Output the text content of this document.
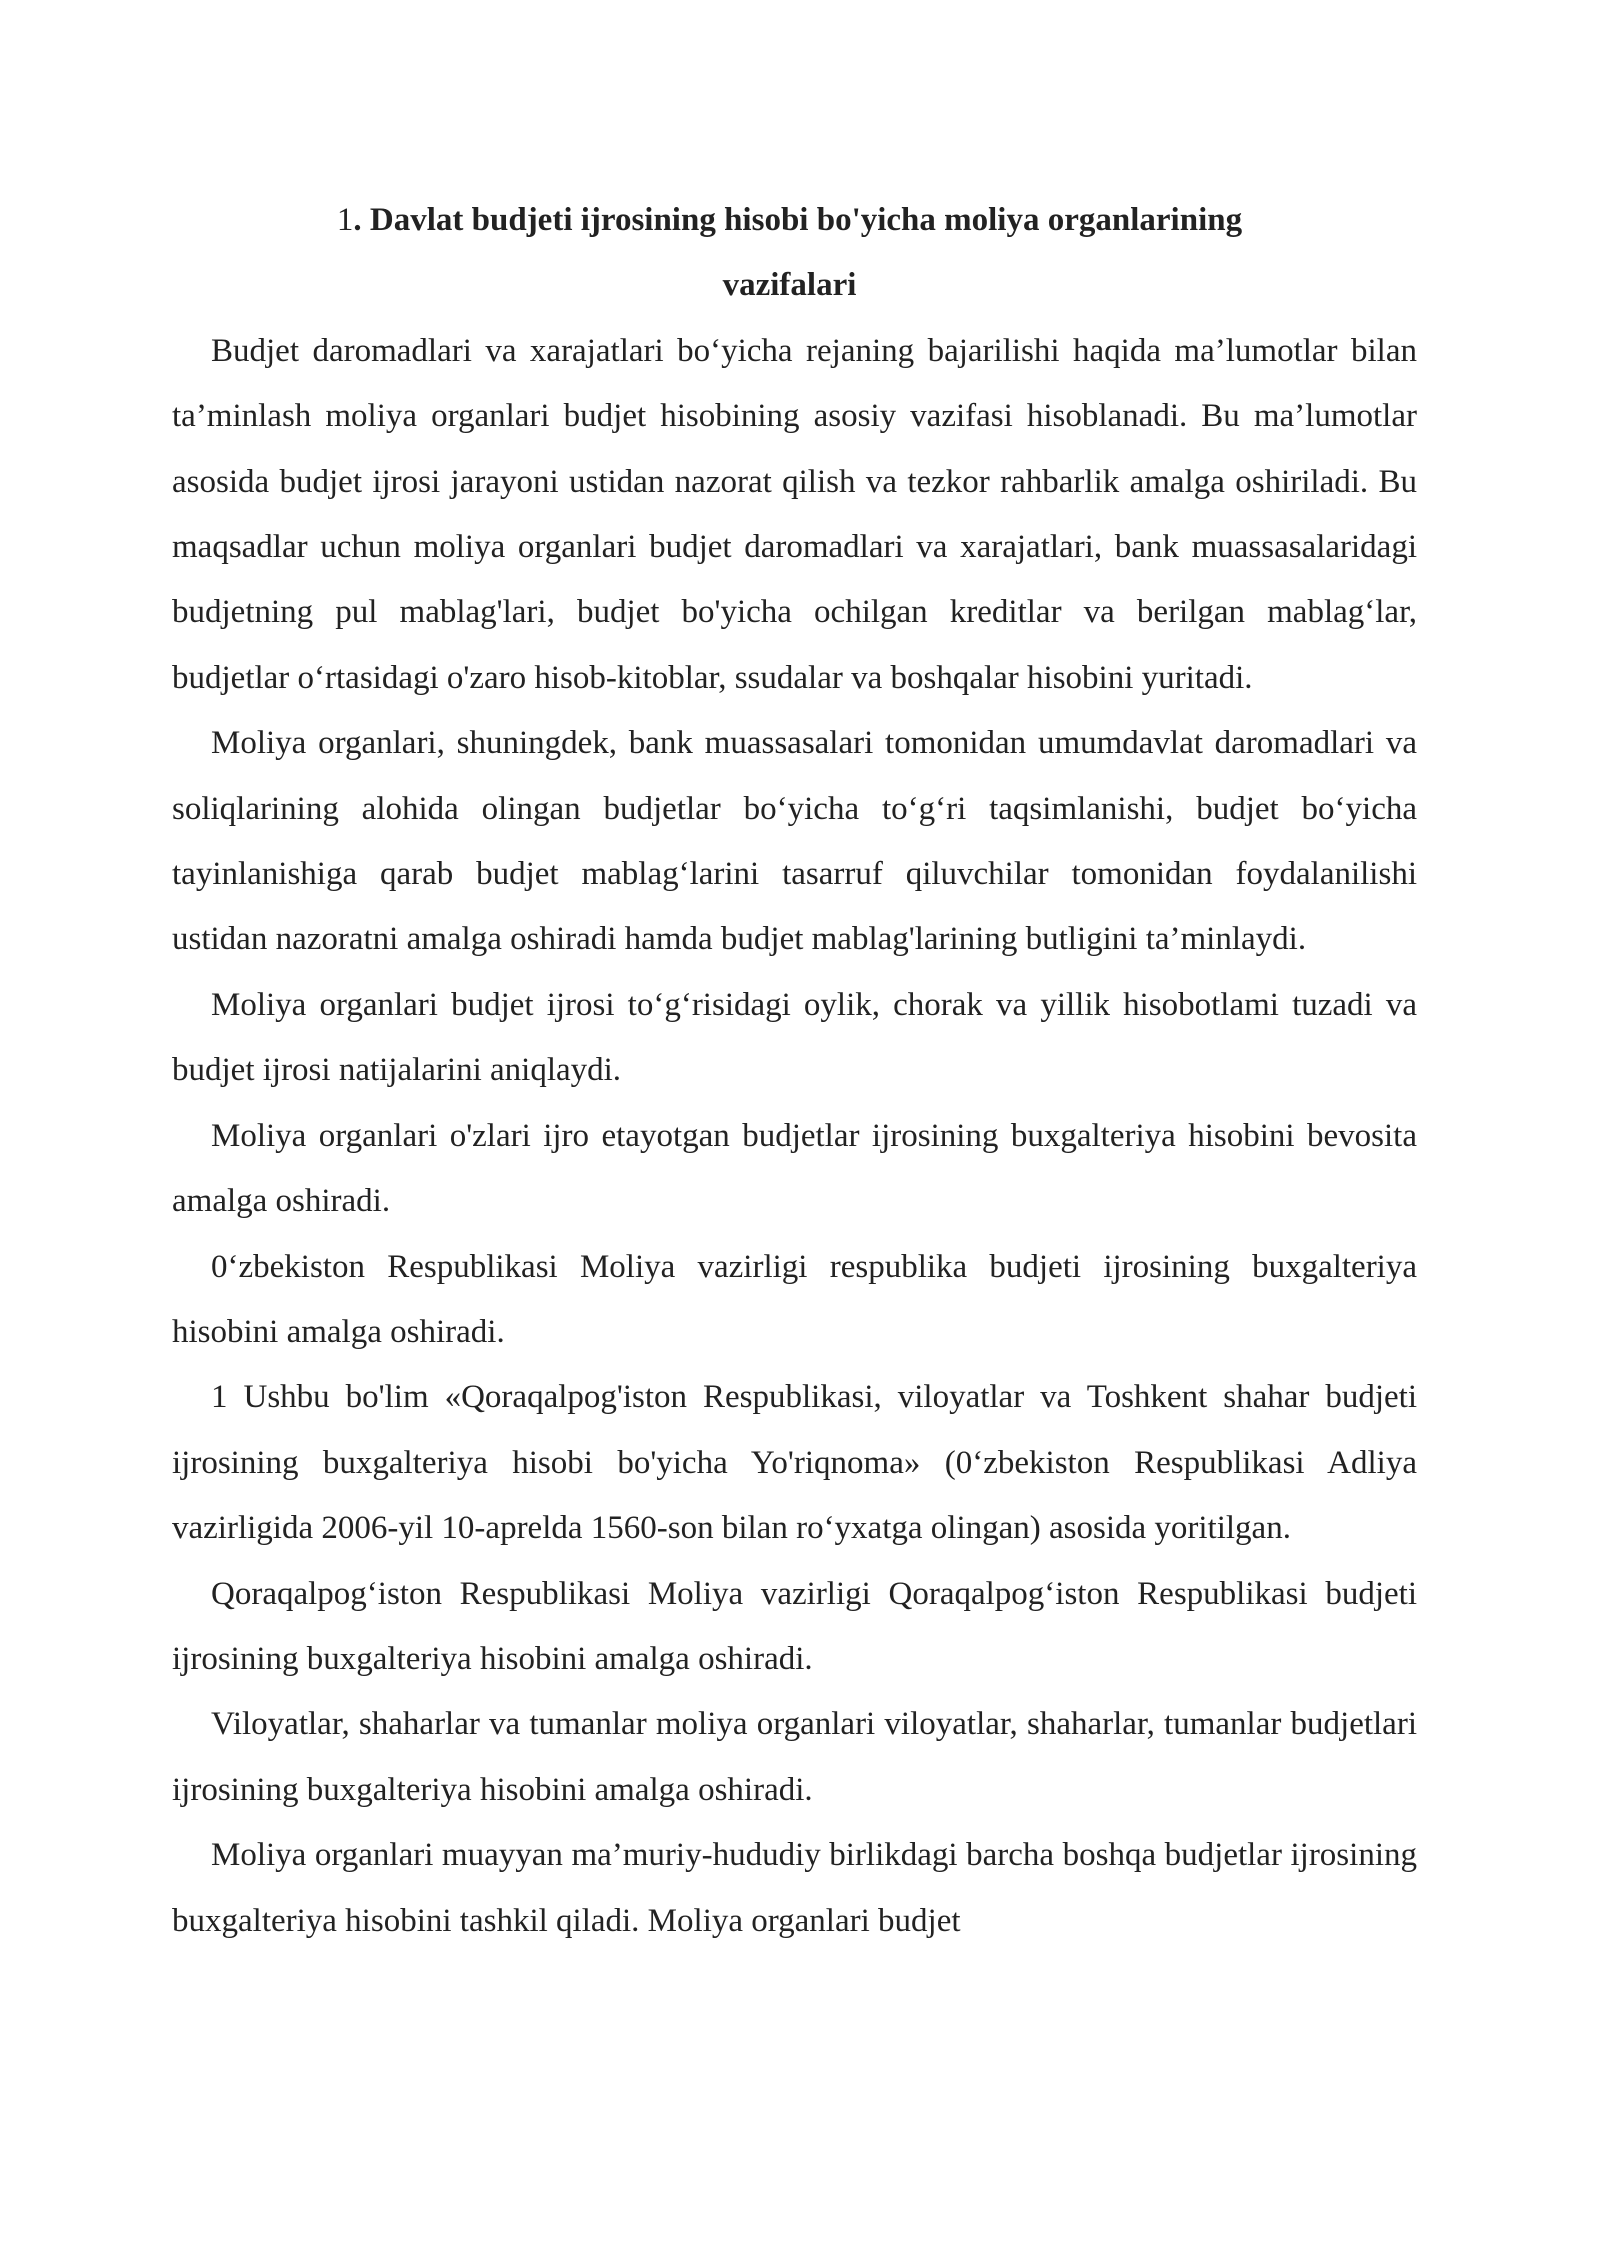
1. Davlat budjeti ijrosining hisobi bo'yicha moliya organlarining
vazifalari

Budjet daromadlari va xarajatlari bo‘yicha rejaning bajarilishi haqida ma’lumotlar bilan ta’minlash moliya organlari budjet hisobining asosiy vazifasi hisoblanadi. Bu ma’lumotlar asosida budjet ijrosi jarayoni ustidan nazorat qilish va tezkor rahbarlik amalga oshiriladi. Bu maqsadlar uchun moliya organlari budjet daromadlari va xarajatlari, bank muassasalaridagi budjetning pul mablag'lari, budjet bo'yicha ochilgan kreditlar va berilgan mablag‘lar, budjetlar o‘rtasidagi o'zaro hisob-kitoblar, ssudalar va boshqalar hisobini yuritadi.

Moliya organlari, shuningdek, bank muassasalari tomonidan umumdavlat daromadlari va soliqlarining alohida olingan budjetlar bo‘yicha to‘g‘ri taqsimlanishi, budjet bo‘yicha tayinlanishiga qarab budjet mablag‘larini tasarruf qiluvchilar tomonidan foydalanilishi ustidan nazoratni amalga oshiradi hamda budjet mablag'larining butligini ta’minlaydi.

Moliya organlari budjet ijrosi to‘g‘risidagi oylik, chorak va yillik hisobotlami tuzadi va budjet ijrosi natijalarini aniqlaydi.

Moliya organlari o'zlari ijro etayotgan budjetlar ijrosining buxgalteriya hisobini bevosita amalga oshiradi.

0‘zbekiston Respublikasi Moliya vazirligi respublika budjeti ijrosining buxgalteriya hisobini amalga oshiradi.

1 Ushbu bo'lim «Qoraqalpog'iston Respublikasi, viloyatlar va Toshkent shahar budjeti ijrosining buxgalteriya hisobi bo'yicha Yo'riqnoma» (0‘zbekiston Respublikasi Adliya vazirligida 2006-yil 10-aprelda 1560-son bilan ro‘yxatga olingan) asosida yoritilgan.

Qoraqalpog‘iston Respublikasi Moliya vazirligi Qoraqalpog‘iston Respublikasi budjeti ijrosining buxgalteriya hisobini amalga oshiradi.

Viloyatlar, shaharlar va tumanlar moliya organlari viloyatlar, shaharlar, tumanlar budjetlari ijrosining buxgalteriya hisobini amalga oshiradi.

Moliya organlari muayyan ma’muriy-hududiy birlikdagi barcha boshqa budjetlar ijrosining buxgalteriya hisobini tashkil qiladi. Moliya organlari budjet
